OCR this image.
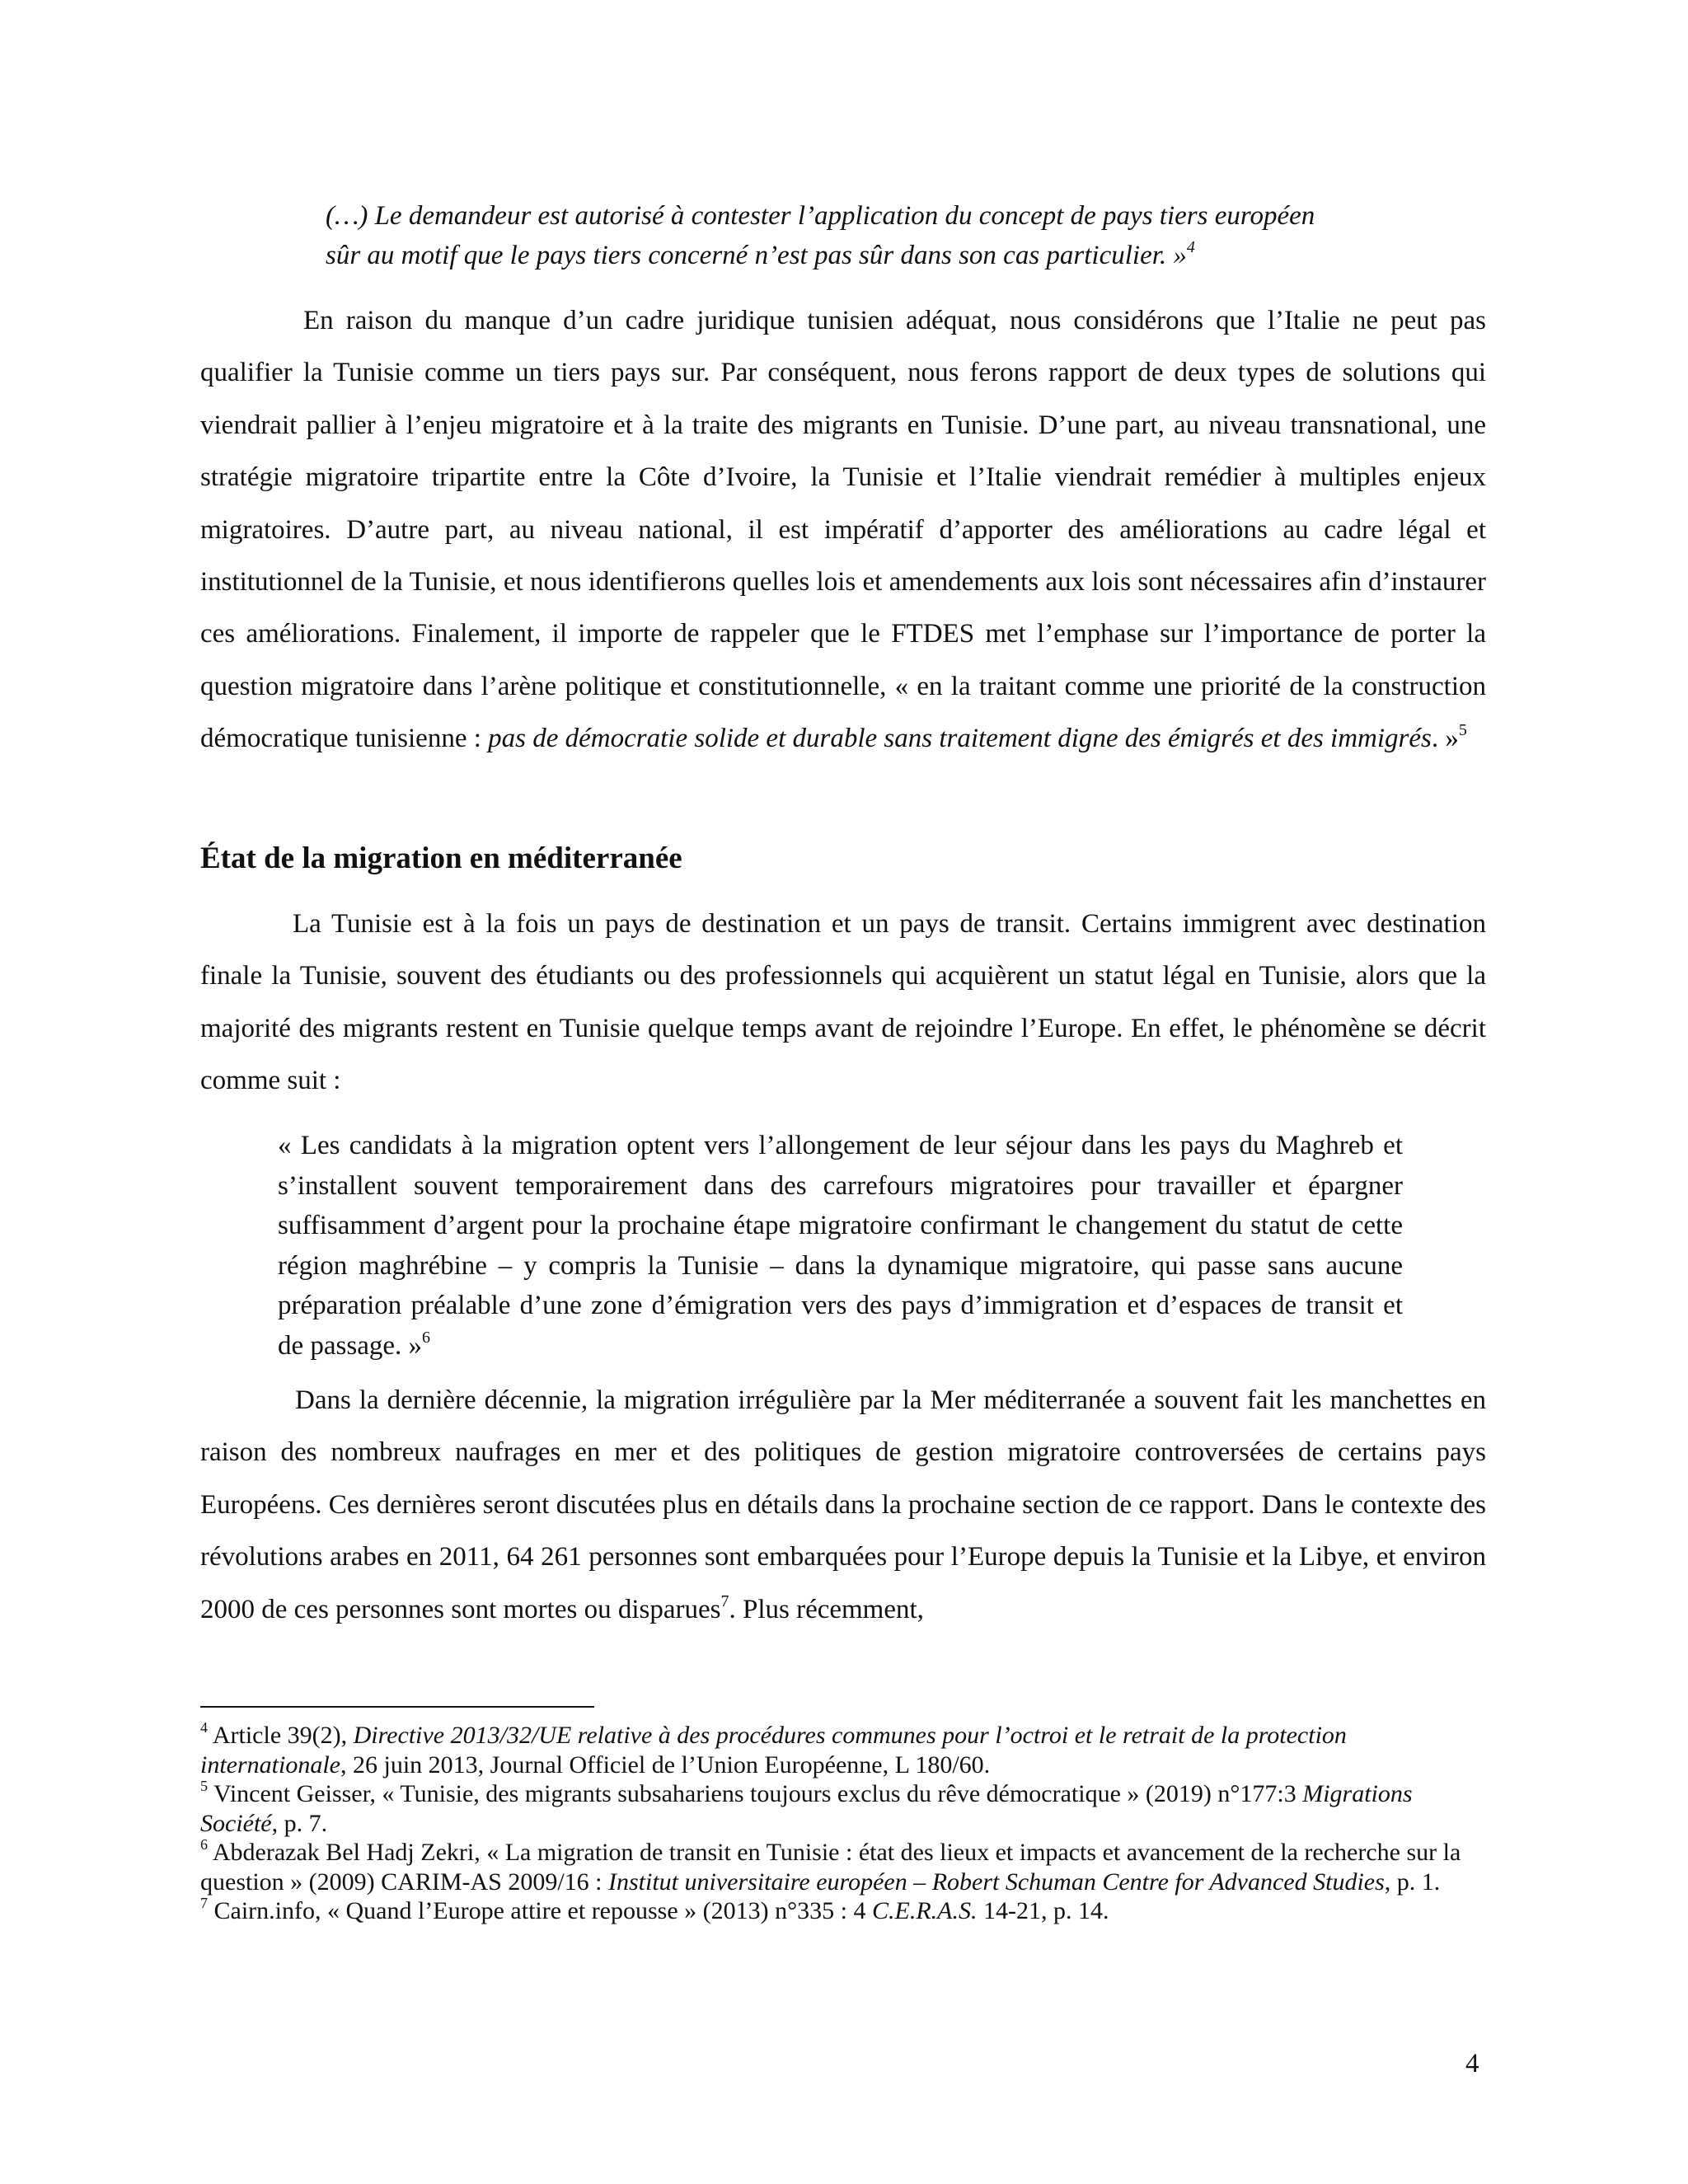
(…) Le demandeur est autorisé à contester l’application du concept de pays tiers européen
sûr au motif que le pays tiers concerné n’est pas sûr dans son cas particulier. »$^4$

En raison du manque d’un cadre juridique tunisien adéquat, nous considérons que l’Italie ne peut pas qualifier la Tunisie comme un tiers pays sur. Par conséquent, nous ferons rapport de deux types de solutions qui viendrait pallier à l’enjeu migratoire et à la traite des migrants en Tunisie. D’une part, au niveau transnational, une stratégie migratoire tripartite entre la Côte d’Ivoire, la Tunisie et l’Italie viendrait remédier à multiples enjeux migratoires. D’autre part, au niveau national, il est impératif d’apporter des améliorations au cadre légal et institutionnel de la Tunisie, et nous identifierons quelles lois et amendements aux lois sont nécessaires afin d’instaurer ces améliorations. Finalement, il importe de rappeler que le FTDES met l’emphase sur l’importance de porter la question migratoire dans l’arène politique et constitutionnelle, « en la traitant comme une priorité de la construction démocratique tunisienne : pas de démocratie solide et durable sans traitement digne des émigrés et des immigrés. »$^5$

État de la migration en méditerranée

La Tunisie est à la fois un pays de destination et un pays de transit. Certains immigrent avec destination finale la Tunisie, souvent des étudiants ou des professionnels qui acquièrent un statut légal en Tunisie, alors que la majorité des migrants restent en Tunisie quelque temps avant de rejoindre l’Europe. En effet, le phénomène se décrit comme suit :

« Les candidats à la migration optent vers l’allongement de leur séjour dans les pays du Maghreb et s’installent souvent temporairement dans des carrefours migratoires pour travailler et épargner suffisamment d’argent pour la prochaine étape migratoire confirmant le changement du statut de cette région maghrébine – y compris la Tunisie – dans la dynamique migratoire, qui passe sans aucune préparation préalable d’une zone d’émigration vers des pays d’immigration et d’espaces de transit et de passage. »$^6$

Dans la dernière décennie, la migration irrégulière par la Mer méditerranée a souvent fait les manchettes en raison des nombreux naufrages en mer et des politiques de gestion migratoire controversées de certains pays Européens. Ces dernières seront discutées plus en détails dans la prochaine section de ce rapport. Dans le contexte des révolutions arabes en 2011, 64 261 personnes sont embarquées pour l’Europe depuis la Tunisie et la Libye, et environ 2000 de ces personnes sont mortes ou disparues$^7$. Plus récemment,

$^4$ Article 39(2), Directive 2013/32/UE relative à des procédures communes pour l’octroi et le retrait de la protection internationale, 26 juin 2013, Journal Officiel de l’Union Européenne, L 180/60.

$^5$ Vincent Geisser, « Tunisie, des migrants subsahariens toujours exclus du rêve démocratique » (2019) n°177:3 Migrations Société, p. 7.

$^6$ Abderazak Bel Hadj Zekri, « La migration de transit en Tunisie : état des lieux et impacts et avancement de la recherche sur la question » (2009) CARIM-AS 2009/16 : Institut universitaire européen – Robert Schuman Centre for Advanced Studies, p. 1.

$^7$ Cairn.info, « Quand l’Europe attire et repousse » (2013) n°335 : 4 C.E.R.A.S. 14-21, p. 14.

4
